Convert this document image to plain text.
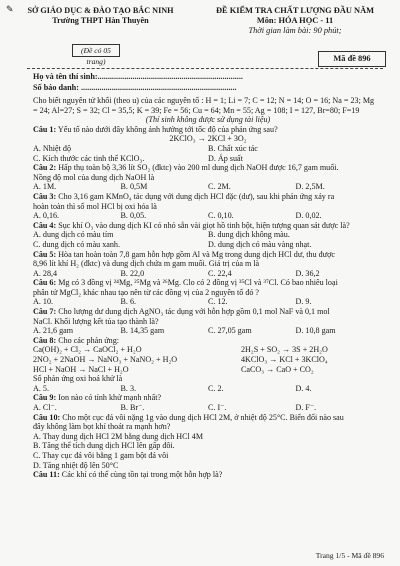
✎	SỞ GIÁO DỤC & ĐÀO TẠO BẮC NINH
Trường THPT Hàn Thuyên
(Đề có 05 trang)
ĐỀ KIỂM TRA CHẤT LƯỢNG ĐẦU NĂM
Môn: HÓA HỌC - 11
Thời gian làm bài: 90 phút;
Mã đề 896
Họ và tên thí sinh:.......................................................................
Số báo danh: ............................................................................

Cho biết nguyên tử khối (theo u) của các nguyên tố : H = 1; Li = 7; C = 12; N = 14; O = 16; Na = 23; Mg

= 24; Al=27; S = 32; Cl = 35,5; K = 39; Fe = 56; Cu = 64; Mn = 55; Ag = 108; I = 127, Br=80; F=19

(Thí sinh không được sử dụng tài liệu)

Câu 1: Yếu tố nào dưới đây không ảnh hưởng tới tốc độ của phản ứng sau?

2KClO₃ → 2KCl + 3O₂

A. Nhiệt độ	B. Chất xúc tác
C. Kích thước các tinh thể KClO₃.	D. Áp suất

Câu 2: Hấp thụ toàn bộ 3,36 lít SO₂ (đktc) vào 200 ml dung dịch NaOH được 16,7 gam muối.

Nồng độ mol của dung dịch NaOH là

A. 1M.	B. 0,5M	C. 2M.	D. 2,5M.

Câu 3: Cho 3,16 gam KMnO₄ tác dụng với dung dịch HCl đặc (dư), sau khi phản ứng xảy ra

hoàn toàn thì số mol HCl bị oxi hóa là

A. 0,16.	B. 0,05.	C. 0,10.	D. 0,02.

Câu 4: Sục khí O₃ vào dung dịch KI có nhỏ sẵn vài giọt hồ tinh bột, hiện tượng quan sát được là?

A. dung dịch có màu tím	B. dung dịch không màu.
C. dung dịch có màu xanh.	D. dung dịch có màu vàng nhạt.

Câu 5: Hòa tan hoàn toàn 7,8 gam hỗn hợp gồm Al và Mg trong dung dịch HCl dư, thu được

8,96 lít khí H₂ (đktc) và dung dịch chứa m gam muối. Giá trị của m là

A. 28,4	B. 22,0	C. 22,4	D. 36,2

Câu 6: Mg có 3 đồng vị ²⁴Mg, ²⁵Mg và ²⁶Mg. Clo có 2 đồng vị ³⁵Cl và ³⁷Cl. Có bao nhiêu loại

phân tử MgCl₂ khác nhau tạo nên từ các đồng vị của 2 nguyên tố đó ?

A. 10.	B. 6.	C. 12.	D. 9.

Câu 7: Cho lượng dư dung dịch AgNO₃ tác dụng với hỗn hợp gồm 0,1 mol NaF và 0,1 mol

NaCl. Khối lượng kết tủa tạo thành là?

A. 21,6 gam	B. 14,35 gam	C. 27,05 gam	D. 10,8 gam

Câu 8: Cho các phản ứng:

Ca(OH)₂ + Cl₂ → CaOCl₂ + H₂O	2H₂S + SO₂ → 3S + 2H₂O
2NO₂ + 2NaOH → NaNO₃ + NaNO₂ + H₂O	4KClO₃ → KCl + 3KClO₄
HCl + NaOH → NaCl + H₂O	CaCO₃ → CaO + CO₂

Số phản ứng oxi hoá khử là

A. 5.	B. 3.	C. 2.	D. 4.

Câu 9: Ion nào có tính khử mạnh nhất?

A. Cl⁻.	B. Br⁻.	C. I⁻.	D. F⁻.

Câu 10: Cho một cục đá vôi nặng 1g vào dung dịch HCl 2M, ở nhiệt độ 25°C. Biến đổi nào sau

đây không làm bọt khí thoát ra mạnh hơn?

A. Thay dung dịch HCl 2M bằng dung dịch HCl 4M

B. Tăng thể tích dung dịch HCl lên gấp đôi.

C. Thay cục đá vôi bằng 1 gam bột đá vôi

D. Tăng nhiệt độ lên 50°C

Câu 11: Các khí có thể cùng tồn tại trong một hỗn hợp là?

Trang 1/5 - Mã đề 896
